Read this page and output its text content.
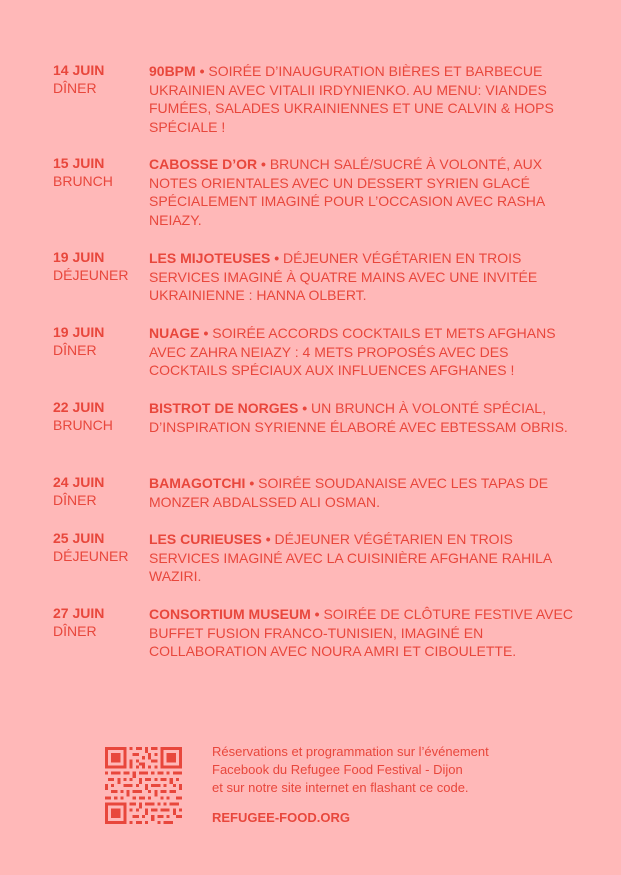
14 JUIN
DÎNER
90BPM • SOIRÉE D’INAUGURATION BIÈRES ET BARBECUE UKRAINIEN AVEC VITALII IRDYNIENKO. AU MENU: VIANDES FUMÉES, SALADES UKRAINIENNES ET UNE CALVIN & HOPS SPÉCIALE !
15 JUIN
BRUNCH
CABOSSE D’OR • BRUNCH SALÉ/SUCRÉ À VOLONTÉ, AUX NOTES ORIENTALES AVEC UN DESSERT SYRIEN GLACÉ SPÉCIALEMENT IMAGINÉ POUR L’OCCASION AVEC RASHA NEIAZY.
19 JUIN
DÉJEUNER
LES MIJOTEUSES • DÉJEUNER VÉGÉTARIEN EN TROIS SERVICES IMAGINÉ À QUATRE MAINS AVEC UNE INVITÉE UKRAINIENNE : HANNA OLBERT.
19 JUIN
DÎNER
NUAGE • SOIRÉE ACCORDS COCKTAILS ET METS AFGHANS AVEC ZAHRA NEIAZY : 4 METS PROPOSÉS AVEC DES COCKTAILS SPÉCIAUX AUX INFLUENCES AFGHANES !
22 JUIN
BRUNCH
BISTROT DE NORGES • UN BRUNCH À VOLONTÉ SPÉCIAL, D’INSPIRATION SYRIENNE ÉLABORÉ AVEC EBTESSAM OBRIS.
24 JUIN
DÎNER
BAMAGOTCHI • SOIRÉE SOUDANAISE AVEC LES TAPAS DE MONZER ABDALSSED ALI OSMAN.
25 JUIN
DÉJEUNER
LES CURIEUSES • DÉJEUNER VÉGÉTARIEN EN TROIS SERVICES IMAGINÉ AVEC LA CUISINIÈRE AFGHANE RAHILA WAZIRI.
27 JUIN
DÎNER
CONSORTIUM MUSEUM • SOIRÉE DE CLÔTURE FESTIVE AVEC BUFFET FUSION FRANCO-TUNISIEN, IMAGINÉ EN COLLABORATION AVEC NOURA AMRI ET CIBOULETTE.
Réservations et programmation sur l’événement
Facebook du Refugee Food Festival - Dijon
et sur notre site internet en flashant ce code.
REFUGEE-FOOD.ORG
